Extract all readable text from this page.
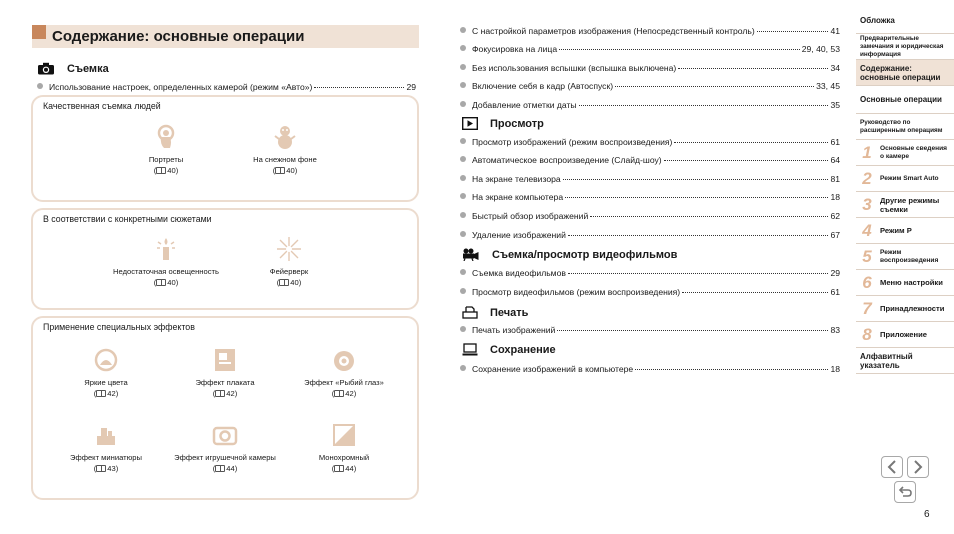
Содержание: основные операции
Съемка
Использование настроек, определенных камерой (режим «Авто»)	29
Качественная съемка людей
Портреты
( 40)
На снежном фоне
( 40)
В соответствии с конкретными сюжетами
Недостаточная освещенность
( 40)
Фейерверк
( 40)
Применение специальных эффектов
Яркие цвета
( 42)
Эффект плаката
( 42)
Эффект «Рыбий глаз»
( 42)
Эффект миниатюры
( 43)
Эффект игрушечной камеры
( 44)
Монохромный
( 44)
С настройкой параметров изображения (Непосредственный контроль)	41
Фокусировка на лица	29, 40, 53
Без использования вспышки (вспышка выключена)	34
Включение себя в кадр (Автоспуск)	33, 45
Добавление отметки даты	35
Просмотр
Просмотр изображений (режим воспроизведения)	61
Автоматическое воспроизведение (Слайд-шоу)	64
На экране телевизора	81
На экране компьютера	18
Быстрый обзор изображений	62
Удаление изображений	67
Съемка/просмотр видеофильмов
Съемка видеофильмов	29
Просмотр видеофильмов (режим воспроизведения)	61
Печать
Печать изображений	83
Сохранение
Сохранение изображений в компьютере	18
Обложка
Предварительные замечания и юридическая информация
Содержание: основные операции
Основные операции
Руководство по расширенным операциям
1	Основные сведения о камере
2	Режим Smart Auto
3 Другие режимы съемки
4 Режим P
5	Режим воспроизведения
6 Меню настройки
7 Принадлежности
8 Приложение
Алфавитный указатель
6
